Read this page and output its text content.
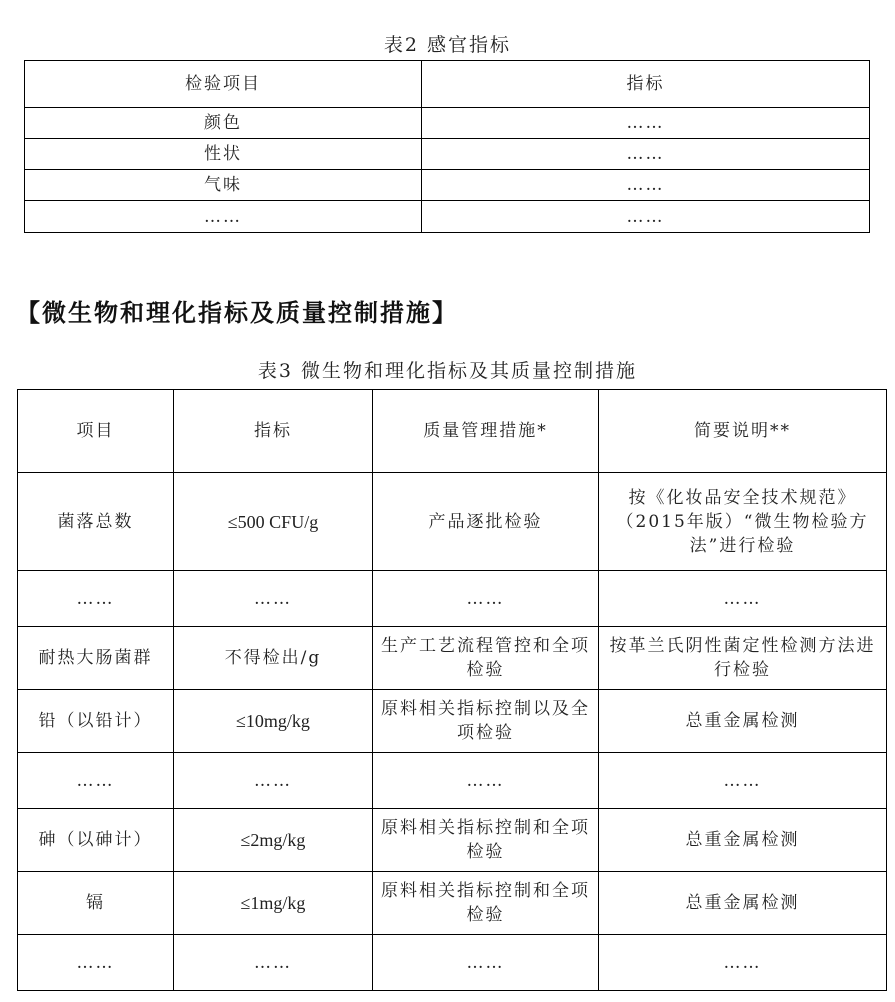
表2 感官指标
检验项目	指标
颜色	……
性状	……
气味	……
……	……
【微生物和理化指标及质量控制措施】
表3 微生物和理化指标及其质量控制措施
项目	指标	质量管理措施*	简要说明**
菌落总数	≤500 CFU/g	产品逐批检验	按《化妆品安全技术规范》（2015年版）“微生物检验方法”进行检验
……	……	……	……
耐热大肠菌群	不得检出/g	生产工艺流程管控和全项检验	按革兰氏阴性菌定性检测方法进行检验
铅（以铅计）	≤10mg/kg	原料相关指标控制以及全项检验	总重金属检测
……	……	……	……
砷（以砷计）	≤2mg/kg	原料相关指标控制和全项检验	总重金属检测
镉	≤1mg/kg	原料相关指标控制和全项检验	总重金属检测
……	……	……	……
